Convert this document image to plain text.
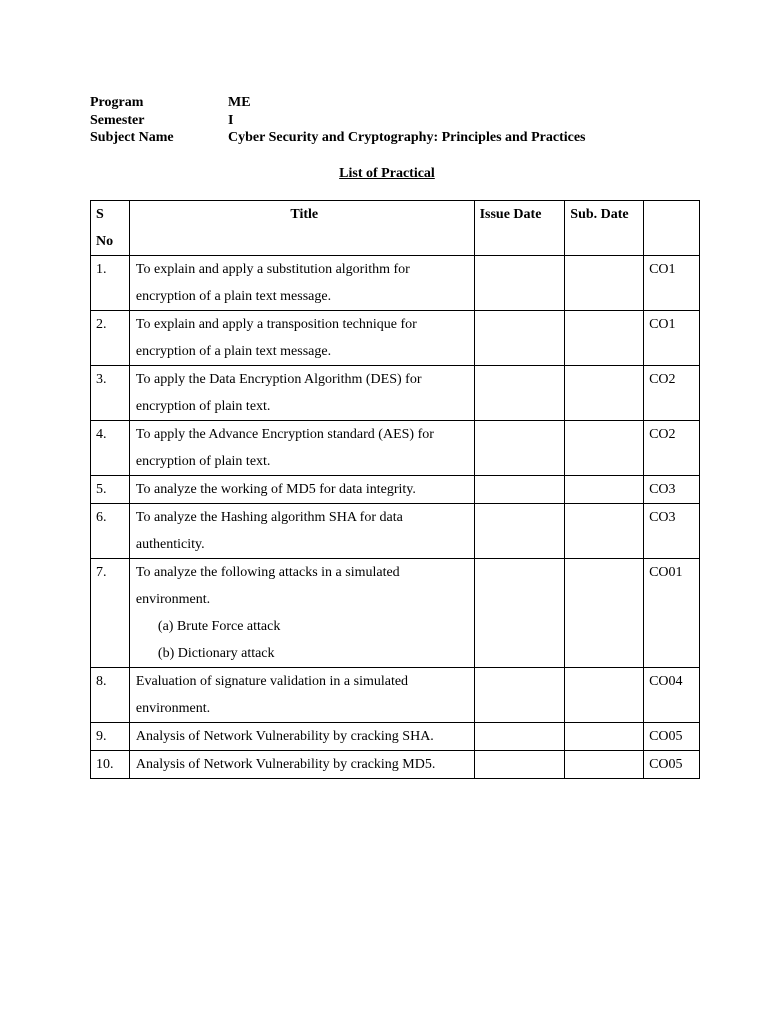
Program	ME
Semester	I
Subject Name	Cyber Security and Cryptography: Principles and Practices
List of Practical
S
No	Title	Issue Date	Sub. Date	
1.	To explain and apply a substitution algorithm for
encryption of a plain text message.			CO1
2.	To explain and apply a transposition technique for
encryption of a plain text message.			CO1
3.	To apply the Data Encryption Algorithm (DES) for
encryption of plain text.			CO2
4.	To apply the Advance Encryption standard (AES) for
encryption of plain text.			CO2
5.	To analyze the working of MD5 for data integrity.			CO3
6.	To analyze the Hashing algorithm SHA for data
authenticity.			CO3
7.	To analyze the following attacks in a simulated
environment.
(a) Brute Force attack
(b) Dictionary attack			CO01
8.	Evaluation of signature validation in a simulated
environment.			CO04
9.	Analysis of Network Vulnerability by cracking SHA.			CO05
10.	Analysis of Network Vulnerability by cracking MD5.			CO05
